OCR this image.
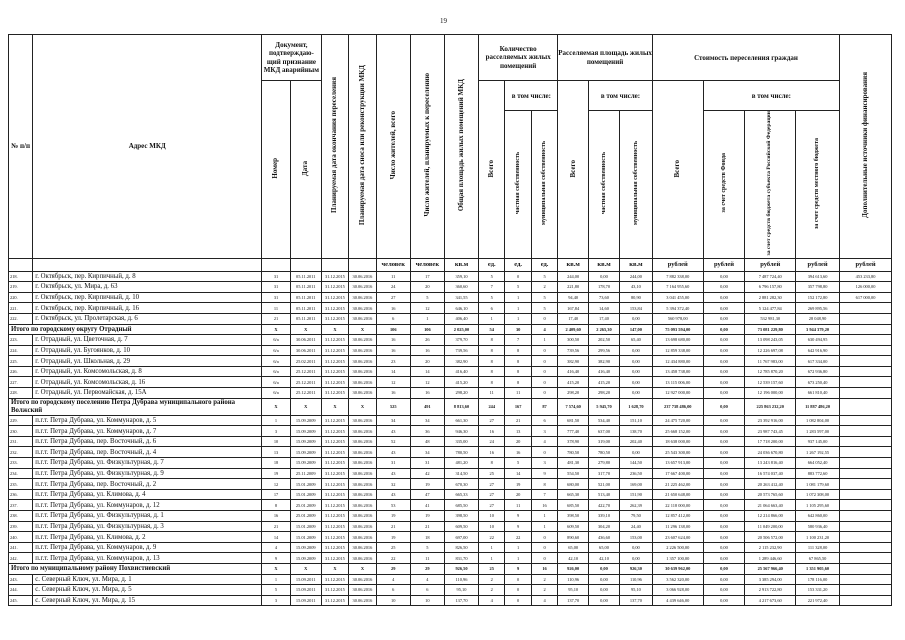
19
№ п/п	Адрес МКД	Документ, подтверждаю-щий признание МКД аварийным		Планируемая дата окончания переселения	Планируемая дата сноса или реконструкции МКД	Число жителей, всего	Число жителей, планируемых к переселению	Общая площадь жилых помещений МКД	Количество расселяемых жилых помещений			Расселяемая площадь жилых помещений			Стоимость переселения граждан				Дополнительные источники финансирования
		Номер	Дата						Всего	в том числе:		Всего	в том числе:		Всего	в том числе:			
										частная собственность	муниципальная собственность		частная собственность	муниципальная собственность		за счет средств Фонда	за счет средств бюджета субъекта Российской Федерации	за счет средств местного бюджета	
						человек	человек	кв.м	ед.	ед.	ед.	кв.м	кв.м	кв.м	рублей	рублей	рублей	рублей	рублей
218.	г. Октябрьск, пер. Кирпичный, д. 8	31	05.11.2011	31.12.2015	30.06.2016	11	17	359,10	5	0	5	244,00	0,00	244,00	7 882 338,00	0,00	7 487 724,40	394 613,60	453 233,80
219.	г. Октябрьск, ул. Мира, д. 63	31	05.11.2011	31.12.2015	30.06.2016	24	20	360,60	7	5	2	221,80	178,70	43,10	7 164 955,60	0,00	6 796 157,80	357 798,80	126 000,00
220.	г. Октябрьск, пер. Кирпичный, д. 10	31	05.11.2011	31.12.2015	30.06.2016	27	5	341,55	5	1	5	94,40	73,60	80,90	3 041 455,00	0,00	2 881 282,30	152 172,80	617 000,00
221.	г. Октябрьск, пер. Кирпичный, д. 16	11	05.11.2011	31.12.2015	30.06.2016	16	12	646,10	6	1	5	167,84	14,60	153,84	5 394 372,40	0,00	5 124 477,84	269 895,56	
222.	г. Октябрьск, ул. Пролетарская, д. 6	21	05.11.2011	31.12.2015	30.06.2016	6	1	406,40	1	1	0	17,40	17,40	0,00	560 978,00	0,00	532 981,30	28 048,90	
Итого по городскому округу Отрадный		X	X	X	X	106	106	2 025,00	54	30	4	2 409,60	2 265,30	147,00	75 093 594,00	0,00	73 081 229,80	3 944 379,20	
223.	г. Отрадный, ул. Цветочная, д. 7	6/а	30.06.2011	31.12.2015	30.06.2016	16	26	379,70	8	7	1	300,50	202,50	65,40	13 698 680,00	0,00	13 098 243,05	630 494,95	
224.	г. Отрадный, ул. Бугоянков, д. 10	6/а	30.06.2011	31.12.2015	30.06.2016	16	16	739,56	8	8	0	739,56	299,56	0,00	12 859 338,00	0,00	12 226 697,08	642 916,90	
225.	г. Отрадный, ул. Школьная, д. 29	6/а	25.02.2011	31.12.2015	30.06.2016	23	20	382,90	8	8	0	382,90	382,90	0,00	12 434 880,00	0,00	11 767 983,00	617 334,00	
226.	г. Отрадный, ул. Комсомольская, д. 8	6/а	25.12.2011	31.12.2015	30.06.2016	14	14	416,40	8	8	0	416,40	416,40	0,00	13 458 738,00	0,00	12 785 870,20	672 936,80	
227.	г. Отрадный, ул. Комсомольская, д. 16	6/а	25.12.2011	31.12.2015	30.06.2016	12	12	415,20	8	8	0	415,20	415,20	0,00	13 115 006,00	0,00	12 539 157,60	673 250,40	
228.	г. Отрадный, ул. Первомайская, д. 15А	6/а	25.12.2011	31.12.2015	30.06.2016	16	16	298,20	11	11	0	298,20	298,20	0,00	12 927 000,00	0,00	12 196 000,00	661 810,40	
Итого по городскому поселению Петра Дубрава муниципального района Волжский		X	X	X	X	525	491	8 813,60	244	167	87	7 574,60	5 945,70	1 628,70	237 738 486,00	0,00	225 863 232,20	11 887 486,20	
229.	п.г.т. Петра Дубрава, ул. Коммунаров, д. 5	1	15.09.2009	31.12.2015	30.06.2016	34	34	661,30	27	21	6	681,50	534,40	151,10	24 475 720,00	0,00	23 392 916,00	1 082 804,00	
230.	п.г.т. Петра Дубрава, ул. Коммунаров, д. 7	3	15.09.2009	31.12.2015	30.06.2016	43	36	946,30	16	13	3	777,40	637,00	138,70	25 668 152,00	0,00	23 987 743,45	1 283 597,00	
231.	п.г.т. Петра Дубрава, пер. Восточный, д. 6	10	15.09.2009	31.12.2015	30.06.2016	52	48	335,00	24	20	4	378,90	319,00	202,40	18 638 000,00	0,00	17 718 200,00	937 145,00	
232.	п.г.т. Петра Дубрава, пер. Восточный, д. 4	13	15.09.2009	31.12.2015	30.06.2016	43	34	780,50	16	16	0	780,50	780,50	0,00	25 543 300,00	0,00	24 036 670,80	1 267 192,55	
233.	п.г.т. Петра Дубрава, ул. Физкультурная, д. 7	18	15.09.2009	31.12.2015	30.06.2016	31	31	481,20	8	5	3	481,30	279,80	144,50	13 657 913,00	0,00	13 243 816,40	664 052,40	
234.	п.г.т. Петра Дубрава, ул. Физкультурная, д. 9	19	25.11.2009	31.12.2015	30.06.2016	43	42	314,50	25	14	9	554,50	317,70	236,50	17 667 400,00	0,00	16 574 037,40	883 772,60	
235.	п.г.т. Петра Дубрава, пер. Восточный, д. 2	12	15.01.2009	31.12.2015	30.06.2016	32	19	670,30	27	19	8	680,00	521,00	169,00	21 225 462,00	0,00	20 263 412,40	1 081 179,60	
236.	п.г.т. Петра Дубрава, ул. Климова, д. 4	17	15.01.2009	31.12.2015	30.06.2016	43	47	665,33	27	20	7	665,30	513,40	151,90	21 650 648,00	0,00	20 573 765,60	1 072 308,00	
237.	п.г.т. Петра Дубрава, ул. Коммунаров, д. 12	8	25.01.2009	31.12.2015	30.06.2016	53	41	685,50	27	11	16	685,50	422,70	262,39	22 118 000,00	0,00	21 064 663,40	1 105 295,60	
238.	п.г.т. Петра Дубрава, ул. Физкультурная, д. 1	16	25.01.2009	31.12.2015	30.06.2016	19	19	398,50	10	9	1	398,50	339,10	79,50	12 857 412,00	0,00	12 214 866,00	642 860,00	
239.	п.г.т. Петра Дубрава, ул. Физкультурная, д. 3	21	15.01.2009	31.12.2015	30.06.2016	21	21	609,50	10	9	1	609,50	304,20	24,40	11 296 138,00	0,00	11 049 200,00	580 936,40	
240.	п.г.т. Петра Дубрава, ул. Климова, д. 2	14	15.01.2009	31.12.2015	30.06.2016	19	18	697,00	22	22	0	890,60	436,60	153,00	23 607 624,00	0,00	20 506 572,00	1 100 231,20	
241.	п.г.т. Петра Дубрава, ул. Коммунаров, д. 9	4	15.09.2009	31.12.2015	30.06.2016	25	5	826,50	1	1	0	65,00	65,00	0,00	2 226 500,00	0,00	2 115 232,90	111 328,00	
242.	п.г.т. Петра Дубрава, ул. Коммунаров, д. 13	9	15.09.2009	31.12.2015	30.06.2016	22	11	831,70	1	1	0	42,10	42,10	0,00	1 357 100,00	0,00	1 289 446,60	67 865,50	
Итого по муниципальному району Похвистневский		X	X	X	X	29	29	926,50	25	9	16	926,00	0,00	926,30	30 639 962,00	0,00	25 567 966,40	1 351 905,60	
243.	с. Северный Ключ, ул. Мира, д. 1	1	15.09.2011	31.12.2015	30.06.2016	4	4	110,96	2	0	2	110,96	0,00	110,96	3 562 320,00	0,00	3 385 294,00	178 116,00	
244.	с. Северный Ключ, ул. Мира, д. 5	5	15.09.2011	31.12.2015	30.06.2016	6	6	95,10	2	0	2	95,10	0,00	95,10	3 066 928,00	0,00	2 913 722,80	153 331,20	
245.	с. Северный Ключ, ул. Мира, д. 15	3	15.09.2011	31.12.2015	30.06.2016	10	10	137,70	4	0	4	137,70	0,00	137,70	4 439 646,00	0,00	4 217 673,60	221 972,40	
